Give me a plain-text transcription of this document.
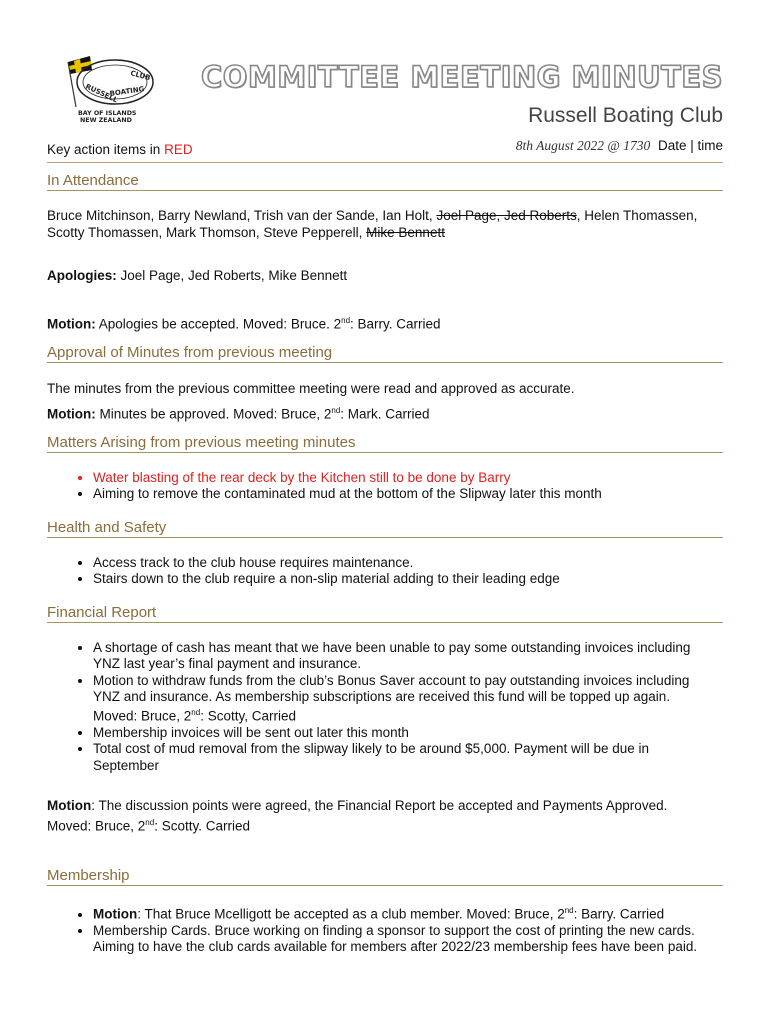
CLUB
RUSSELL
BOATING
BAY OF ISLANDS
NEW ZEALAND
COMMITTEE MEETING MINUTES
Russell Boating Club
Key action items in RED	8th August 2022 @ 1730 Date | time
In Attendance
Bruce Mitchinson, Barry Newland, Trish van der Sande, Ian Holt, Joel Page, Jed Roberts, Helen Thomassen, Scotty Thomassen, Mark Thomson, Steve Pepperell, Mike Bennett
Apologies: Joel Page, Jed Roberts, Mike Bennett
Motion: Apologies be accepted. Moved: Bruce. 2nd: Barry. Carried
Approval of Minutes from previous meeting
The minutes from the previous committee meeting were read and approved as accurate.
Motion: Minutes be approved. Moved: Bruce, 2nd: Mark. Carried
Matters Arising from previous meeting minutes
• Water blasting of the rear deck by the Kitchen still to be done by Barry
• Aiming to remove the contaminated mud at the bottom of the Slipway later this month
Health and Safety
• Access track to the club house requires maintenance.
• Stairs down to the club require a non-slip material adding to their leading edge
Financial Report
• A shortage of cash has meant that we have been unable to pay some outstanding invoices including YNZ last year’s final payment and insurance.
• Motion to withdraw funds from the club’s Bonus Saver account to pay outstanding invoices including YNZ and insurance. As membership subscriptions are received this fund will be topped up again. Moved: Bruce, 2nd: Scotty, Carried
• Membership invoices will be sent out later this month
• Total cost of mud removal from the slipway likely to be around $5,000. Payment will be due in September
Motion: The discussion points were agreed, the Financial Report be accepted and Payments Approved. Moved: Bruce, 2nd: Scotty. Carried
Membership
• Motion: That Bruce Mcelligott be accepted as a club member. Moved: Bruce, 2nd: Barry. Carried
• Membership Cards. Bruce working on finding a sponsor to support the cost of printing the new cards. Aiming to have the club cards available for members after 2022/23 membership fees have been paid.
